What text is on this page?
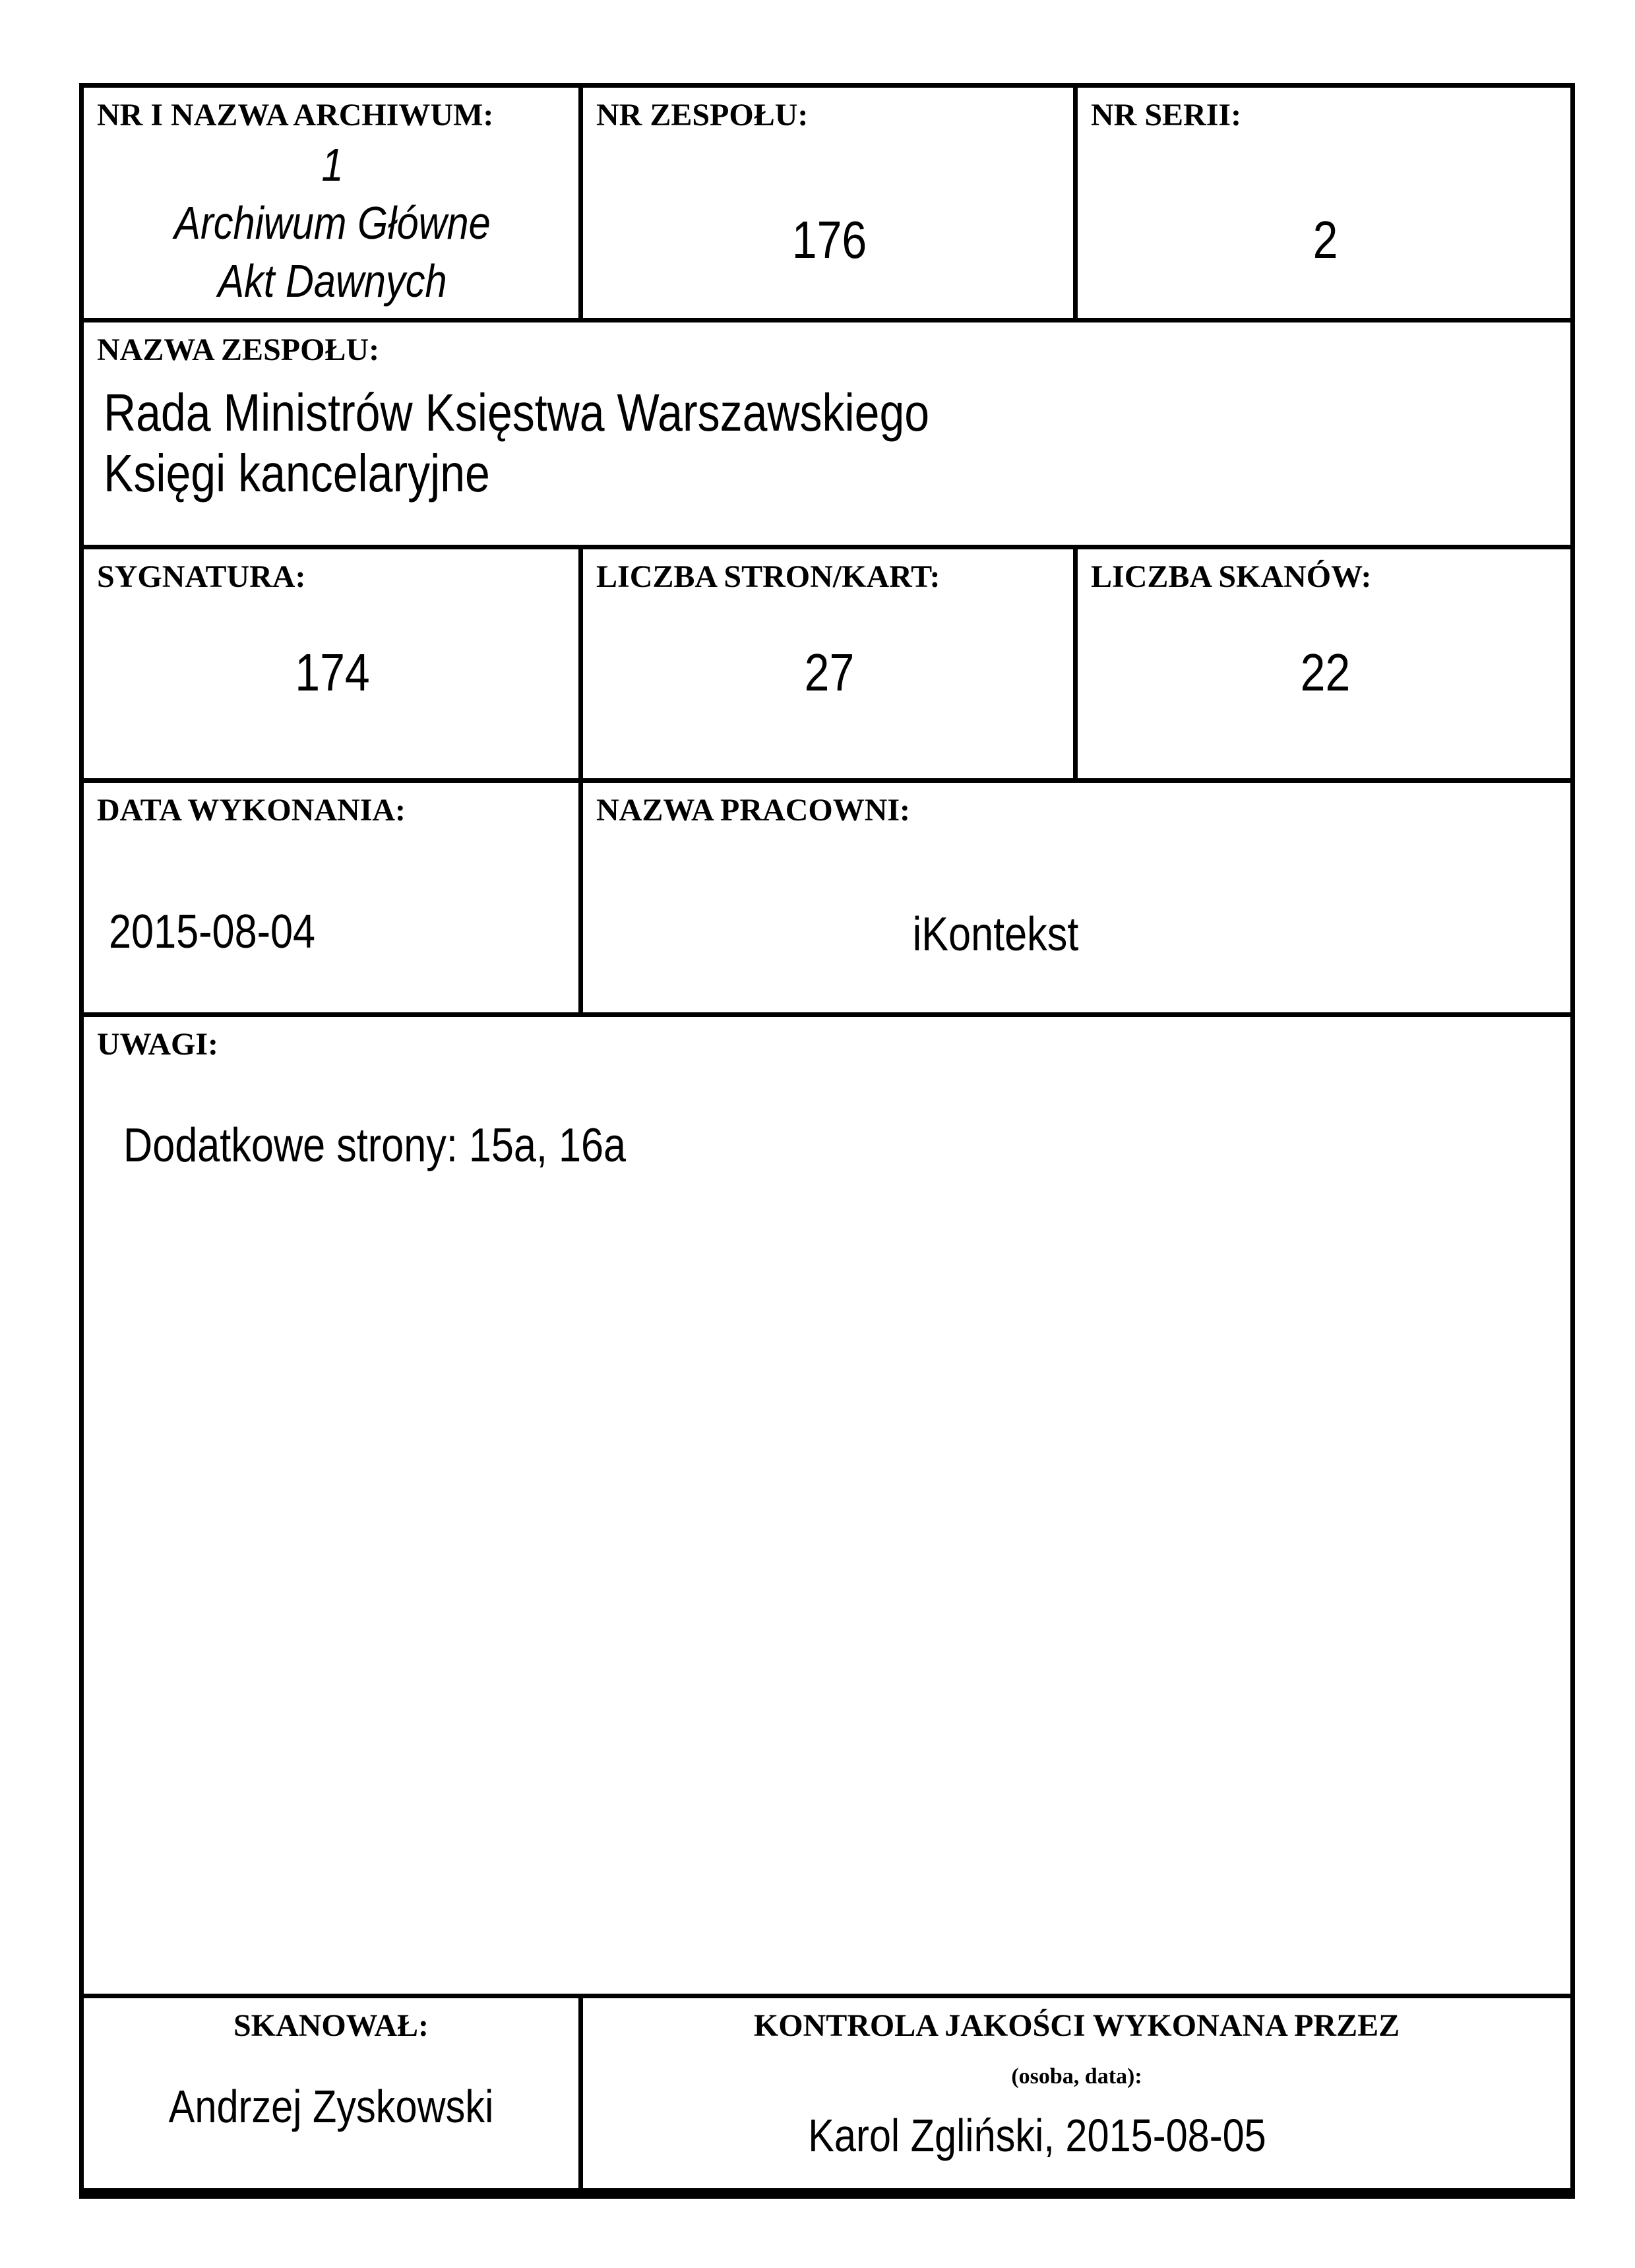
NR I NAZWA ARCHIWUM:
1
Archiwum Główne
Akt Dawnych
NR ZESPOŁU:
176
NR SERII:
2
NAZWA ZESPOŁU:
Rada Ministrów Księstwa Warszawskiego
Księgi kancelaryjne
SYGNATURA:
174
LICZBA STRON/KART:
27
LICZBA SKANÓW:
22
DATA WYKONANIA:
2015-08-04
NAZWA PRACOWNI:
iKontekst
UWAGI:
Dodatkowe strony: 15a, 16a
SKANOWAŁ:
Andrzej Zyskowski
KONTROLA JAKOŚCI WYKONANA PRZEZ
(osoba, data):
Karol Zgliński, 2015-08-05
